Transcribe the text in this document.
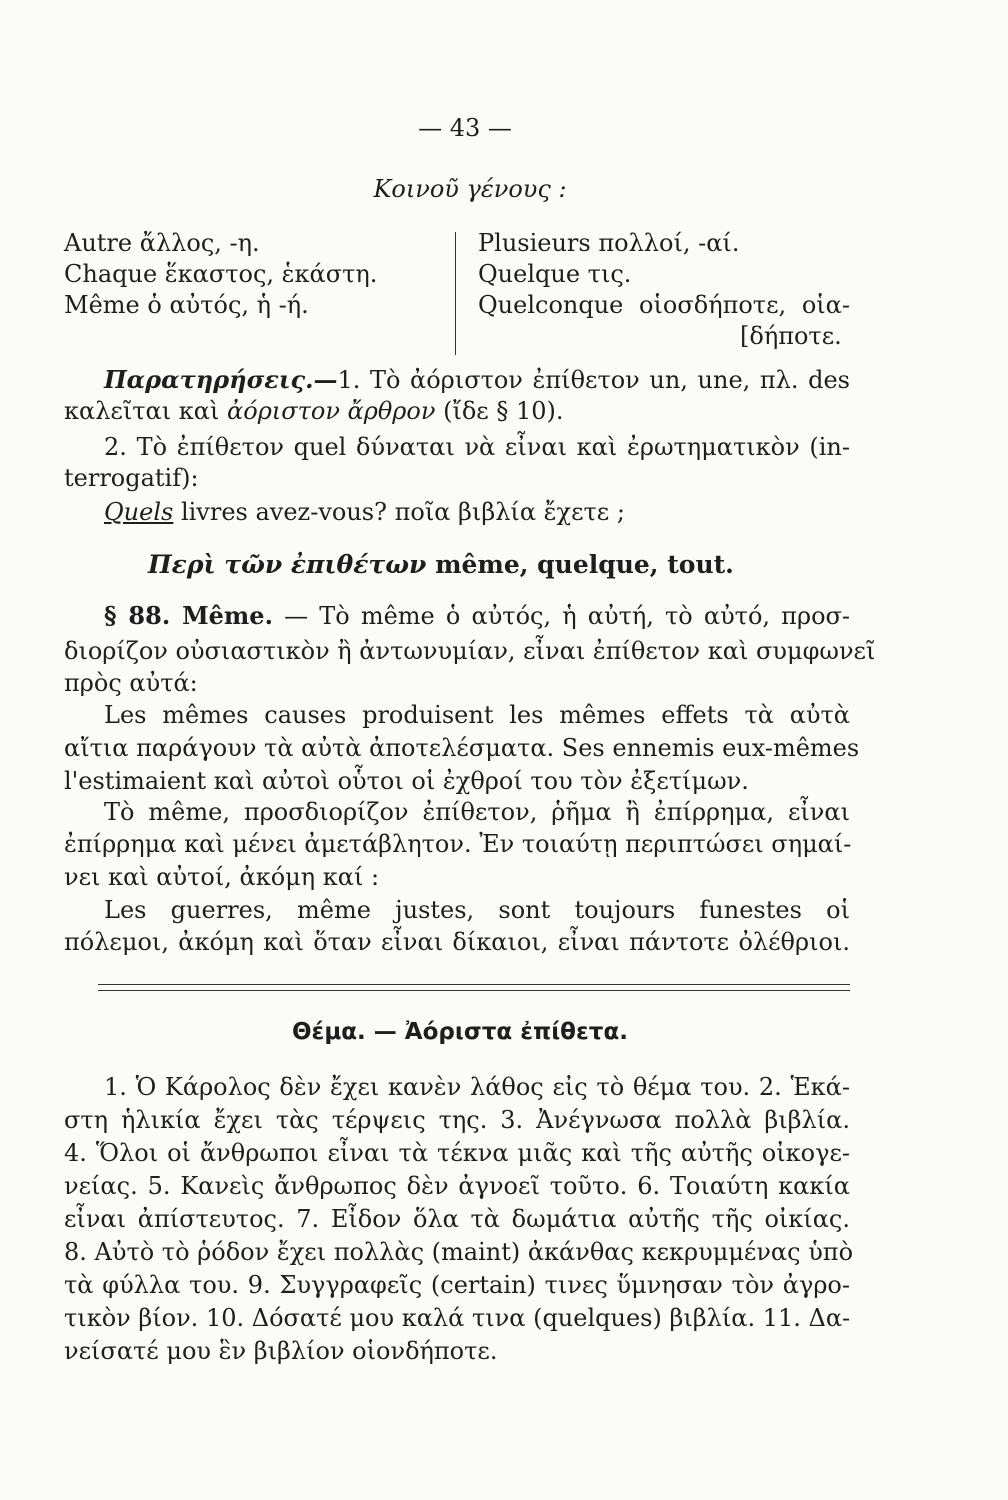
— 43 —
Κοινοῦ γένους :
Autre ἄλλος, -η.
Chaque ἕκαστος, ἑκάστη.
Même ὁ αὐτός, ἡ -ή.
Plusieurs πολλοί, -αί.
Quelque τις.
Quelconque οἱοσδήποτε, οἱα-
[δήποτε.
Παρατηρήσεις.—1. Τὸ ἀόριστον ἐπίθετον un, une, πλ. des
καλεῖται καὶ ἀόριστον ἄρθρον (ἴδε § 10).
2. Τὸ ἐπίθετον quel δύναται νὰ εἶναι καὶ ἐρωτηματικὸν (in-
terrogatif):
Quels livres avez-vous? ποῖα βιβλία ἔχετε ;
Περὶ τῶν ἐπιθέτων même, quelque, tout.
§ 88. Même. — Τὸ même ὁ αὐτός, ἡ αὐτή, τὸ αὐτό, προσ-
διορίζον οὐσιαστικὸν ἢ ἀντωνυμίαν, εἶναι ἐπίθετον καὶ συμφωνεῖ
πρὸς αὐτά:
Les mêmes causes produisent les mêmes effets τὰ αὐτὰ
αἴτια παράγουν τὰ αὐτὰ ἀποτελέσματα. Ses ennemis eux-mêmes
l'estimaient καὶ αὐτοὶ οὗτοι οἱ ἐχθροί του τὸν ἐξετίμων.
Τὸ même, προσδιορίζον ἐπίθετον, ῥῆμα ἢ ἐπίρρημα, εἶναι
ἐπίρρημα καὶ μένει ἀμετάβλητον. Ἐν τοιαύτῃ περιπτώσει σημαί-
νει καὶ αὐτοί, ἀκόμη καί :
Les guerres, même justes, sont toujours funestes οἱ
πόλεμοι, ἀκόμη καὶ ὅταν εἶναι δίκαιοι, εἶναι πάντοτε ὀλέθριοι.
Θέμα. — Ἀόριστα ἐπίθετα.
1. Ὁ Κάρολος δὲν ἔχει κανὲν λάθος εἰς τὸ θέμα του. 2. Ἑκά-
στη ἡλικία ἔχει τὰς τέρψεις της. 3. Ἀνέγνωσα πολλὰ βιβλία.
4. Ὅλοι οἱ ἄνθρωποι εἶναι τὰ τέκνα μιᾶς καὶ τῆς αὐτῆς οἰκογε-
νείας. 5. Κανεὶς ἄνθρωπος δὲν ἀγνοεῖ τοῦτο. 6. Τοιαύτη κακία
εἶναι ἀπίστευτος. 7. Εἶδον ὅλα τὰ δωμάτια αὐτῆς τῆς οἰκίας.
8. Αὐτὸ τὸ ῥόδον ἔχει πολλὰς (maint) ἀκάνθας κεκρυμμένας ὑπὸ
τὰ φύλλα του. 9. Συγγραφεῖς (certain) τινες ὕμνησαν τὸν ἀγρο-
τικὸν βίον. 10. Δόσατέ μου καλά τινα (quelques) βιβλία. 11. Δα-
νείσατέ μου ἓν βιβλίον οἱονδήποτε.
